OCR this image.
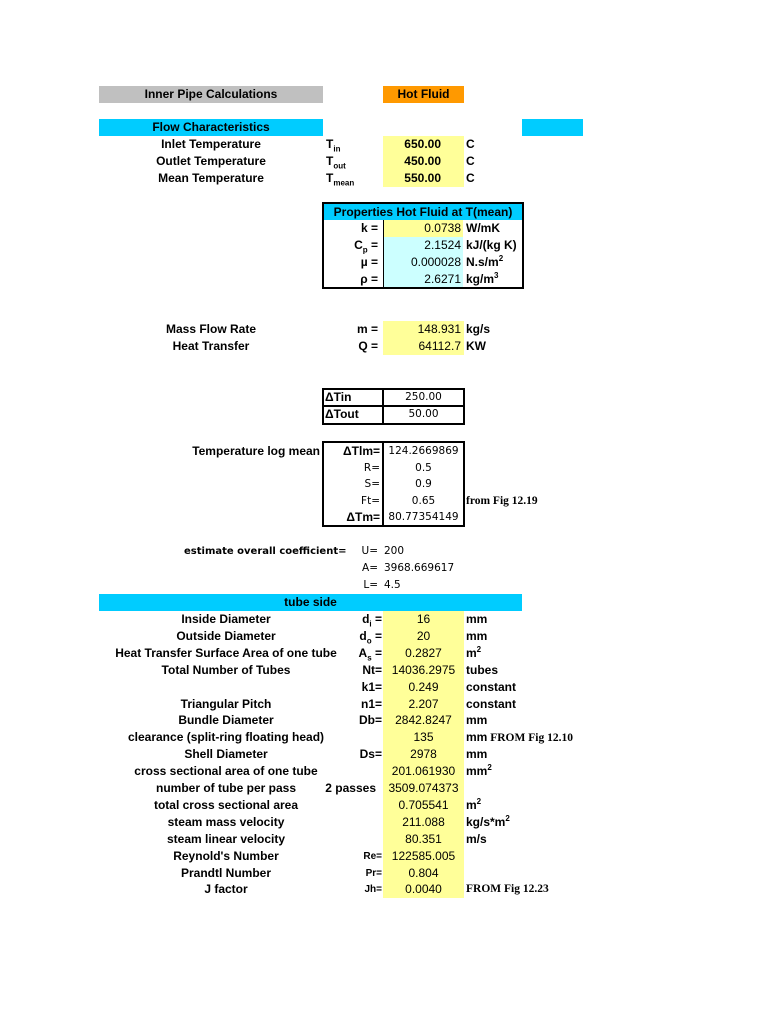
Inner Pipe Calculations	Hot Fluid
Flow Characteristics
Inlet Temperature	$T_{in}$	650.00 C
Outlet Temperature	$T_{out}$	450.00 C
Mean Temperature	$T_{mean}$	550.00 C
Properties Hot Fluid at T(mean)
k =	0.0738 W/mK
$C_p$ =	2.1524 kJ/(kg K)
µ =	0.000028 $N.s/m^2$
ρ =	2.6271 $kg/m^3$
Mass Flow Rate	m =	148.931 kg/s
Heat Transfer	Q =	64112.7 KW
ΔTin	250.00
ΔTout	50.00
Temperature log mean	ΔTlm= 124.2669869
R=	0.5
S=	0.9
Ft=	0.65
ΔTm= 80.77354149
from Fig 12.19
estimate overall coefficient=	U= 200
A= 3968.669617
L= 4.5
tube side
Inside Diameter	$d_i$ =	16	mm
Outside Diameter	$d_o$ =	20	mm
Heat Transfer Surface Area of one tube	$A_s$ =	0.2827	$m^2$
Total Number of Tubes	Nt= 14036.2975 tubes
k1=	0.249	constant
Triangular Pitch	n1=	2.207	constant
Bundle Diameter	Db=	2842.8247	mm
clearance (split-ring floating head)	135	mm FROM Fig 12.10
Shell Diameter	Ds=	2978	mm
cross sectional area of one tube	201.061930 $mm^2$
number of tube per pass	2 passes	3509.074373
total cross sectional area	0.705541	$m^2$
steam mass velocity	211.088	$kg/s*m^2$
steam linear velocity	80.351	m/s
Reynold's Number	Re= 122585.005
Prandtl Number	Pr=	0.804
J factor	Jh=	0.0040	FROM Fig 12.23
